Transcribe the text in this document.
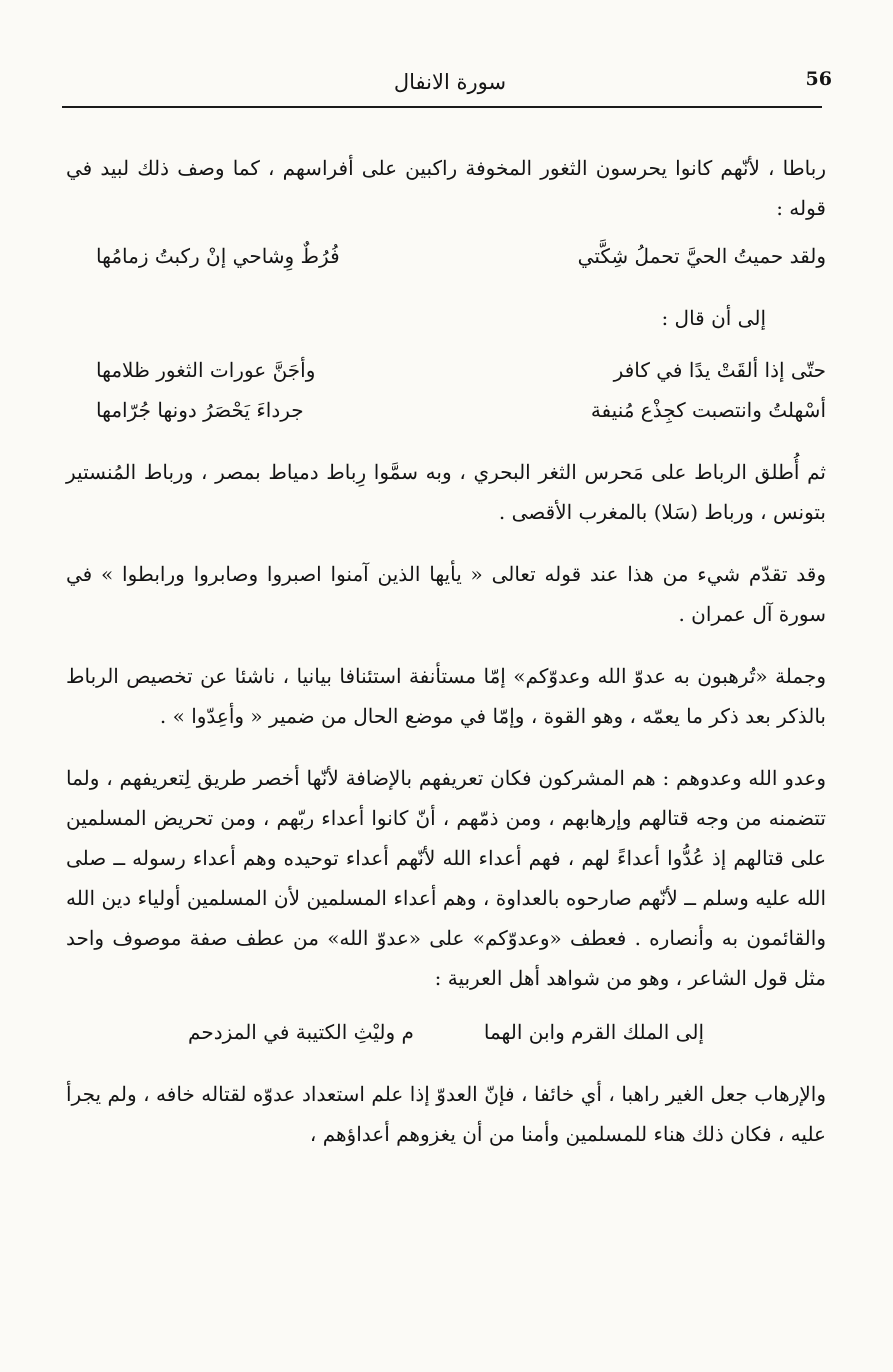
56
سورة الانفال

رباطا ، لأنّهم كانوا يحرسون الثغور المخوفة راكبين على أفراسهم ، كما وصف ذلك لبيد في قوله :

ولقد حميتُ الحيَّ تحملُ شِكَّتي
فُرُطٌ وِشاحي إنْ ركبتُ زمامُها

إلى أن قال :

حتّى إذا ألقَتْ يدًا في كافر
وأجَنَّ عورات الثغور ظلامها
أسْهلتُ وانتصبت كجِذْع مُنيفة
جرداءَ يَحْصَرُ دونها جُرّامها

ثم أُطلق الرباط على مَحرس الثغر البحري ، وبه سمَّوا رِباط دمياط بمصر ، ورباط المُنستير بتونس ، ورباط (سَلا) بالمغرب الأقصى .

وقد تقدّم شيء من هذا عند قوله تعالى « يأيها الذين آمنوا اصبروا وصابروا ورابطوا » في سورة آل عمران .

وجملة «تُرهبون به عدوّ الله وعدوّكم» إمّا مستأنفة استئنافا بيانيا ، ناشئا عن تخصيص الرباط بالذكر بعد ذكر ما يعمّه ، وهو القوة ، وإمّا في موضع الحال من ضمير « وأعِدّوا » .

وعدو الله وعدوهم : هم المشركون فكان تعريفهم بالإضافة لأنّها أخصر طريق لِتعريفهم ، ولما تتضمنه من وجه قتالهم وإرهابهم ، ومن ذمّهم ، أنّ كانوا أعداء ربّهم ، ومن تحريض المسلمين على قتالهم إذ عُدُّوا أعداءً لهم ، فهم أعداء الله لأنّهم أعداء توحيده وهم أعداء رسوله ــ صلى الله عليه وسلم ــ لأنّهم صارحوه بالعداوة ، وهم أعداء المسلمين لأن المسلمين أولياء دين الله والقائمون به وأنصاره . فعطف «وعدوّكم» على «عدوّ الله» من عطف صفة موصوف واحد مثل قول الشاعر ، وهو من شواهد أهل العربية :

إلى الملك القرم وابن الهما
م وليْثِ الكتيبة في المزدحم

والإرهاب جعل الغير راهبا ، أي خائفا ، فإنّ العدوّ إذا علم استعداد عدوّه لقتاله خافه ، ولم يجرأ عليه ، فكان ذلك هناء للمسلمين وأمنا من أن يغزوهم أعداؤهم ،
